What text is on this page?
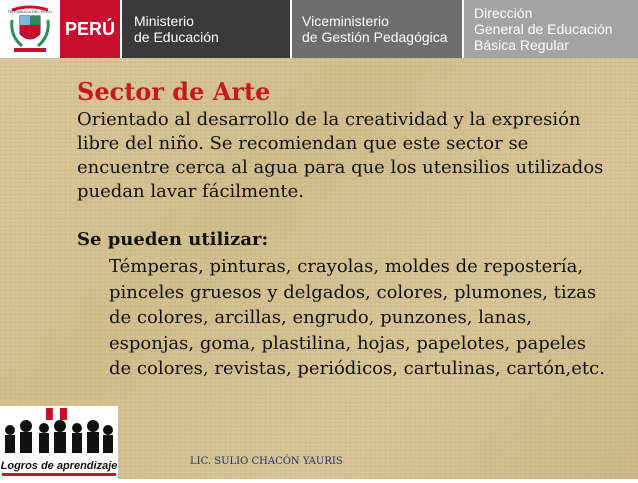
REPUBLICA DEL PERU
PERÚ	Ministerio
de Educación
Viceministerio
de Gestión Pedagógica
Dirección
General de Educación
Básica Regular
Sector de Arte

Orientado al desarrollo de la creatividad y la expresión libre del niño. Se recomiendan que este sector se encuentre cerca al agua para que los utensilios utilizados puedan lavar fácilmente.

Se pueden utilizar:

Témperas, pinturas, crayolas, moldes de repostería, pinceles gruesos y delgados, colores, plumones, tizas de colores, arcillas, engrudo, punzones, lanas, esponjas, goma, plastilina, hojas, papelotes, papeles de colores, revistas, periódicos, cartulinas, cartón,etc.

Logros de aprendizaje	LIC. SULIO CHACÓN YAURIS
